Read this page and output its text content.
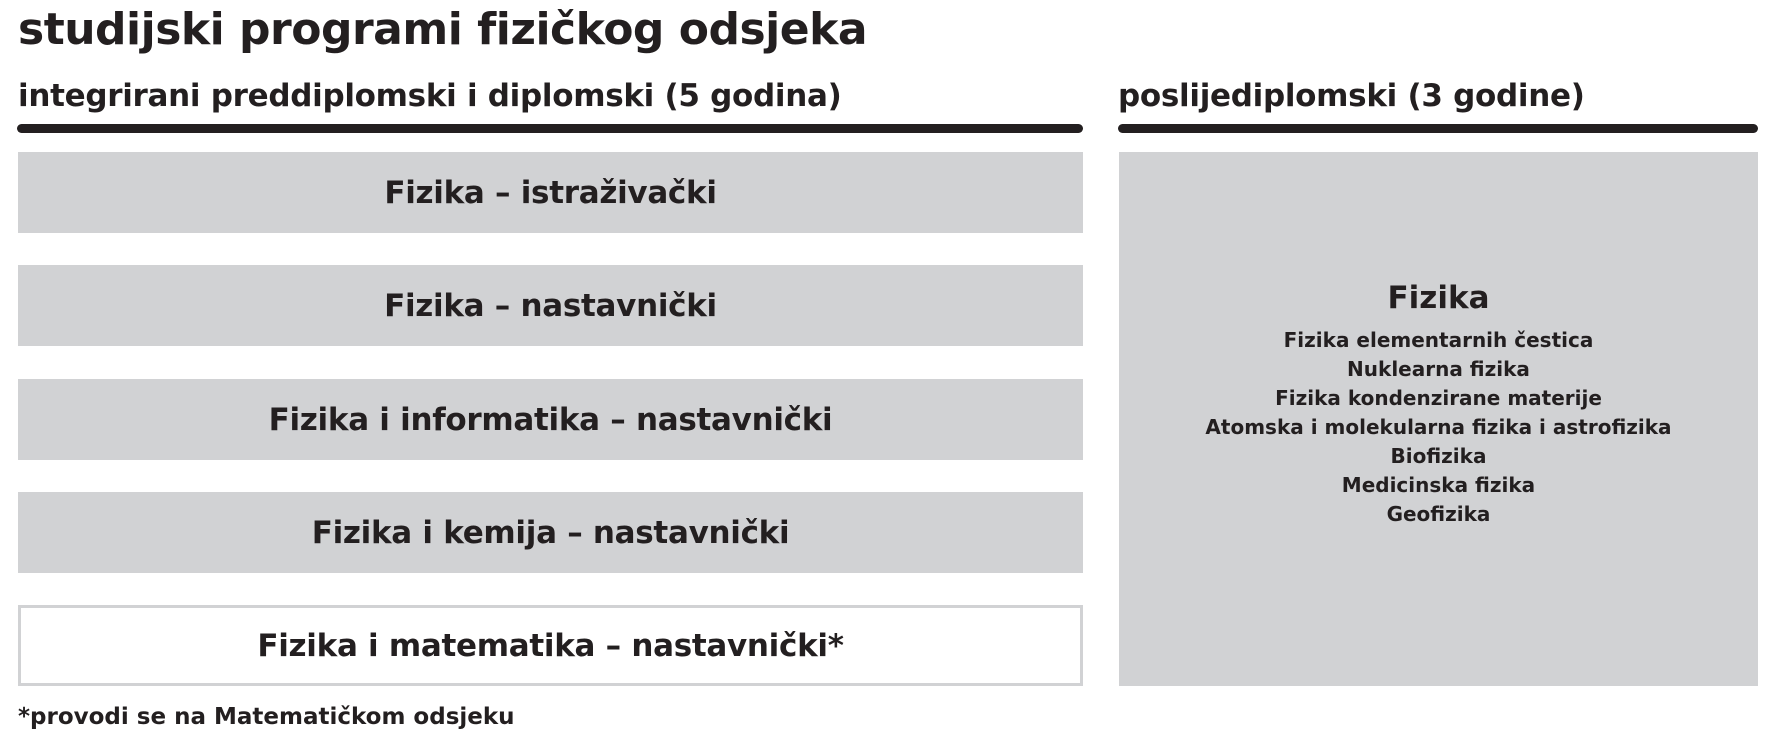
studijski programi fizičkog odsjeka
integrirani preddiplomski i diplomski (5 godina)	poslijediplomski (3 godine)
Fizika – istraživački
Fizika – nastavnički
Fizika i informatika – nastavnički
Fizika i kemija – nastavnički
Fizika i matematika – nastavnički*
Fizika
Fizika elementarnih čestica
Nuklearna fizika
Fizika kondenzirane materije
Atomska i molekularna fizika i astrofizika
Biofizika
Medicinska fizika
Geofizika
*provodi se na Matematičkom odsjeku
